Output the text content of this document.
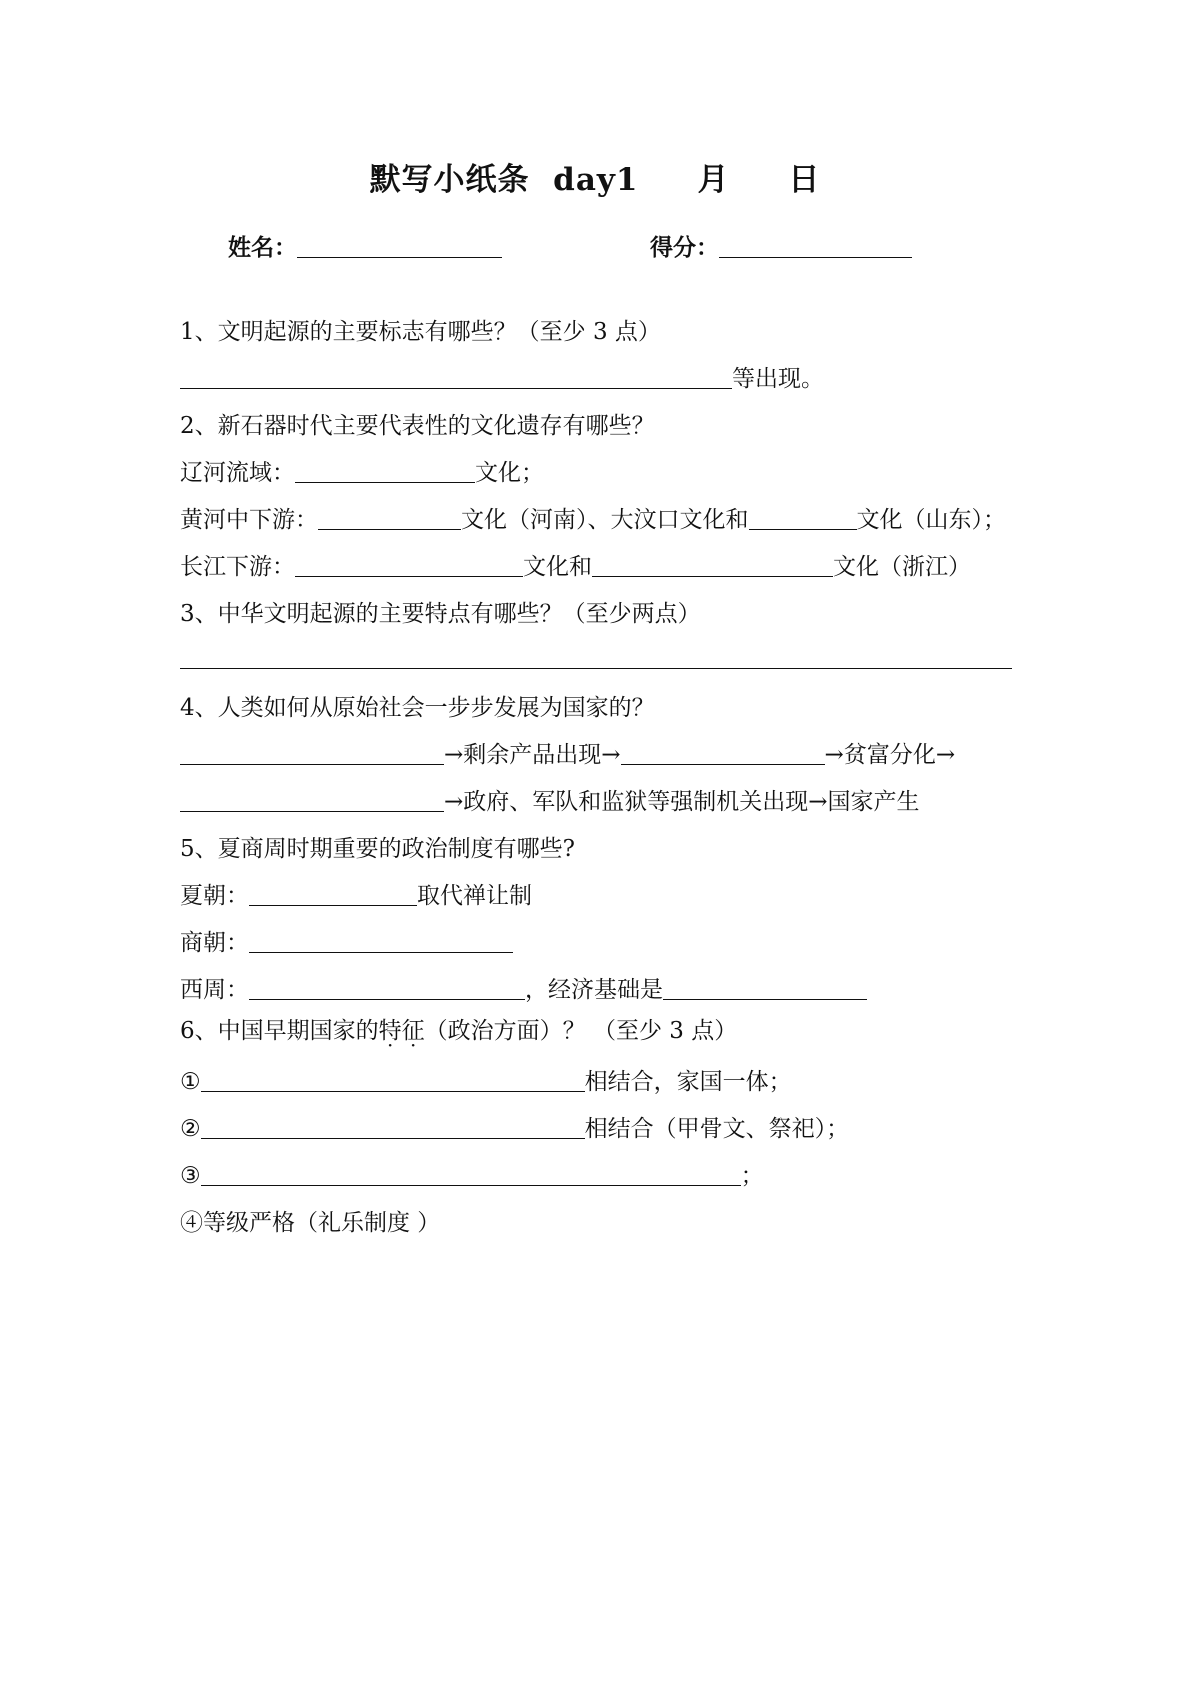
默写小纸条  day1     月     日
姓名：	得分：
1、文明起源的主要标志有哪些？（至少 3 点）
等出现。
2、新石器时代主要代表性的文化遗存有哪些？
辽河流域：	文化；
黄河中下游：	文化（河南）、大汶口文化和	文化（山东）；
长江下游：	文化和	文化（浙江）
3、中华文明起源的主要特点有哪些？（至少两点）
4、人类如何从原始社会一步步发展为国家的？
→剩余产品出现→	→贫富分化→
→政府、军队和监狱等强制机关出现→国家产生
5、夏商周时期重要的政治制度有哪些?
夏朝：	取代禅让制
商朝：
西周：	，经济基础是
6、中国早期国家的特征（政治方面）？ （至少 3 点）
①	相结合，家国一体；
②	相结合（甲骨文、祭祀）；
③	；
④等级严格（礼乐制度 ）
